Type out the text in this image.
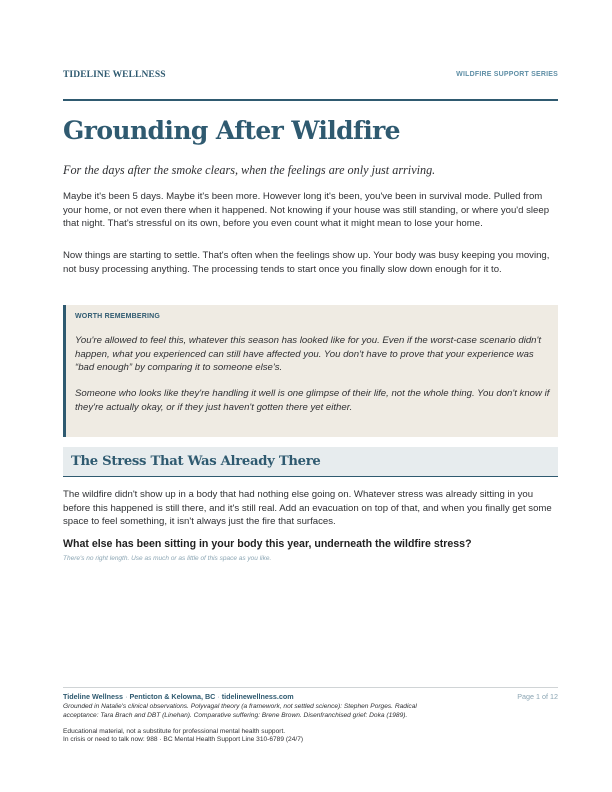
TIDELINE WELLNESS	WILDFIRE SUPPORT SERIES
Grounding After Wildfire

For the days after the smoke clears, when the feelings are only just arriving.

Maybe it's been 5 days. Maybe it's been more. However long it's been, you've been in survival mode. Pulled from your home, or not even there when it happened. Not knowing if your house was still standing, or where you'd sleep that night. That's stressful on its own, before you even count what it might mean to lose your home.

Now things are starting to settle. That's often when the feelings show up. Your body was busy keeping you moving, not busy processing anything. The processing tends to start once you finally slow down enough for it to.

WORTH REMEMBERING

You're allowed to feel this, whatever this season has looked like for you. Even if the worst-case scenario didn't happen, what you experienced can still have affected you. You don't have to prove that your experience was “bad enough” by comparing it to someone else's.

Someone who looks like they're handling it well is one glimpse of their life, not the whole thing. You don't know if they're actually okay, or if they just haven't gotten there yet either.

The Stress That Was Already There

The wildfire didn't show up in a body that had nothing else going on. Whatever stress was already sitting in you before this happened is still there, and it's still real. Add an evacuation on top of that, and when you finally get some space to feel something, it isn't always just the fire that surfaces.

What else has been sitting in your body this year, underneath the wildfire stress?

There's no right length. Use as much or as little of this space as you like.

Tideline Wellness · Penticton & Kelowna, BC · tidelinewellness.com	Page 1 of 12

Grounded in Natalie's clinical observations. Polyvagal theory (a framework, not settled science): Stephen Porges. Radical acceptance: Tara Brach and DBT (Linehan). Comparative suffering: Brene Brown. Disenfranchised grief: Doka (1989).

Educational material, not a substitute for professional mental health support.

In crisis or need to talk now: 988 · BC Mental Health Support Line 310-6789 (24/7)
